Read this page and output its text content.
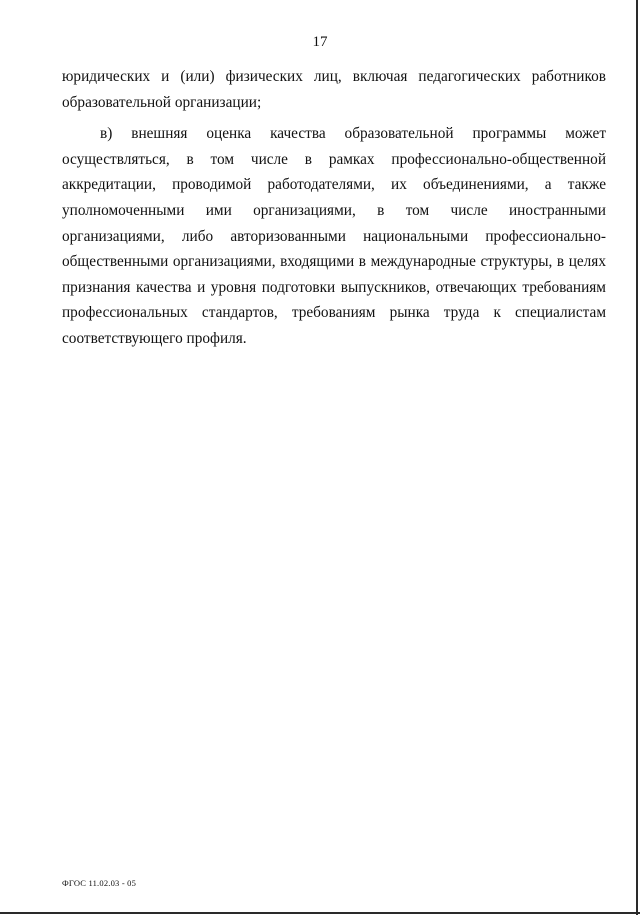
17

юридических и (или) физических лиц, включая педагогических работников образовательной организации;

в) внешняя оценка качества образовательной программы может осуществляться, в том числе в рамках профессионально-общественной аккредитации, проводимой работодателями, их объединениями, а также уполномоченными ими организациями, в том числе иностранными организациями, либо авторизованными национальными профессионально-общественными организациями, входящими в международные структуры, в целях признания качества и уровня подготовки выпускников, отвечающих требованиям профессиональных стандартов, требованиям рынка труда к специалистам соответствующего профиля.

ФГОС 11.02.03 - 05
